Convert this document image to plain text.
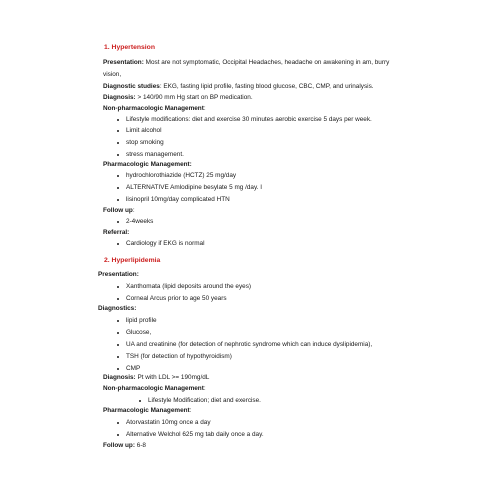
1. Hypertension
Presentation: Most are not symptomatic, Occipital Headaches, headache on awakening in am, burry
vision,
Diagnostic studies: EKG, fasting lipid profile, fasting blood glucose, CBC, CMP, and urinalysis.
Diagnosis: > 140/90 mm Hg start on BP medication.
Non-pharmacologic Management:
Lifestyle modifications: diet and exercise 30 minutes aerobic exercise 5 days per week.
Limit alcohol
stop smoking
stress management.
Pharmacologic Management:
hydrochlorothiazide (HCTZ) 25 mg/day
ALTERNATIVE Amlodipine besylate 5 mg /day. I
lisinopril 10mg/day complicated HTN
Follow up:
2-4weeks
Referral:
Cardiology if EKG is normal
2. Hyperlipidemia
Presentation:
Xanthomata (lipid deposits around the eyes)
Corneal Arcus prior to age 50 years
Diagnostics:
lipid profile
Glucose,
UA and creatinine (for detection of nephrotic syndrome which can induce dyslipidemia),
TSH (for detection of hypothyroidism)
CMP
Diagnosis: Pt with LDL >= 190mg/dL
Non-pharmacologic Management:
Lifestyle Modification; diet and exercise.
Pharmacologic Management:
Atorvastatin 10mg once a day
Alternative Welchol 625 mg tab daily once a day.
Follow up: 6-8
